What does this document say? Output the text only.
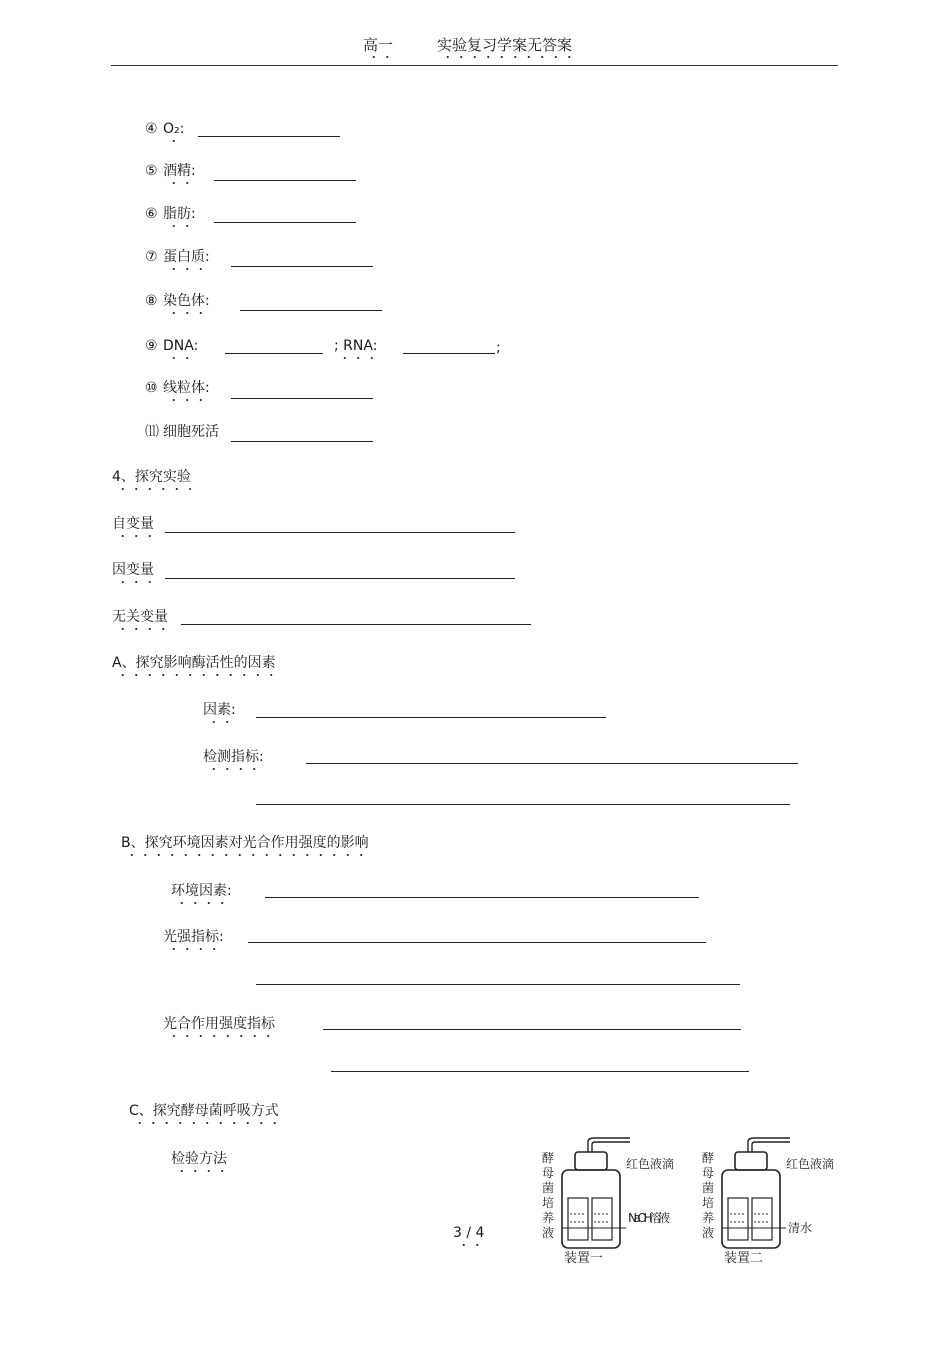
高一	实验复习学案无答案
④ O₂:
⑤ 酒精:
⑥ 脂肪:
⑦ 蛋白质:
⑧ 染色体:
⑨ DNA:	; RNA:	;
⑩ 线粒体:
⑾ 细胞死活
4、探究实验
自变量
因变量
无关变量
A、探究影响酶活性的因素
因素:
检测指标:
B、探究环境因素对光合作用强度的影响
环境因素:
光强指标:
光合作用强度指标
C、探究酵母菌呼吸方式
检验方法
3 / 4
酵母菌培养液
红色液滴
NaOH 溶液
装置一
酵母菌培养液
红色液滴
清水
装置二
